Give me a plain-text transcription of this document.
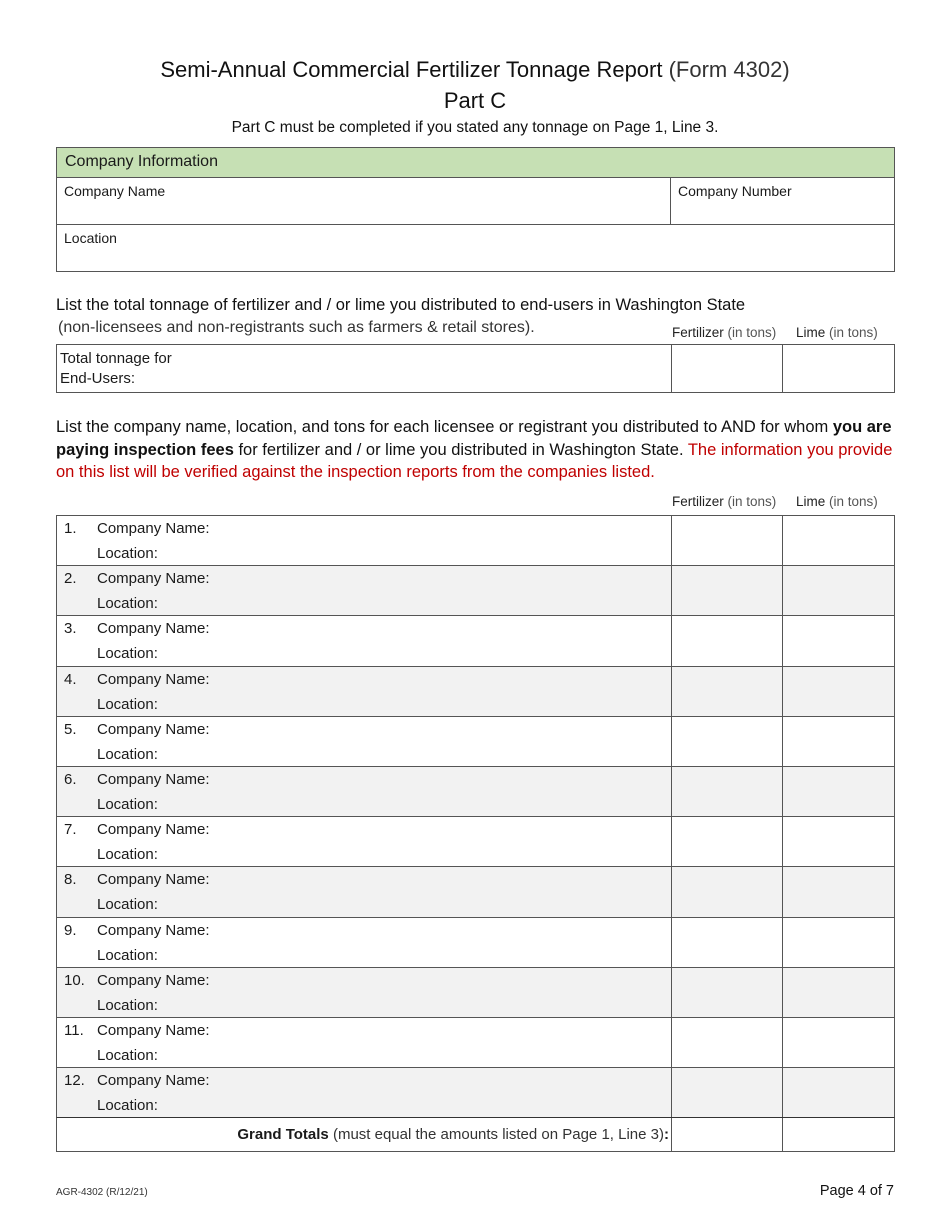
Semi-Annual Commercial Fertilizer Tonnage Report (Form 4302)
Part C
Part C must be completed if you stated any tonnage on Page 1, Line 3.
Company Information
Company Name	Company Number
Location
List the total tonnage of fertilizer and / or lime you distributed to end-users in Washington State
(non-licensees and non-registrants such as farmers & retail stores).	Fertilizer (in tons) Lime (in tons)
Total tonnage for
End-Users:
List the company name, location, and tons for each licensee or registrant you distributed to AND for whom you are paying inspection fees for fertilizer and / or lime you distributed in Washington State. The information you provide on this list will be verified against the inspection reports from the companies listed.
Fertilizer (in tons) Lime (in tons)
1. Company Name:
Location:
2. Company Name:
Location:
3. Company Name:
Location:
4. Company Name:
Location:
5. Company Name:
Location:
6. Company Name:
Location:
7. Company Name:
Location:
8. Company Name:
Location:
9. Company Name:
Location:
10. Company Name:
Location:
11. Company Name:
Location:
12. Company Name:
Location:
Grand Totals (must equal the amounts listed on Page 1, Line 3):
AGR-4302 (R/12/21)	Page 4 of 7
